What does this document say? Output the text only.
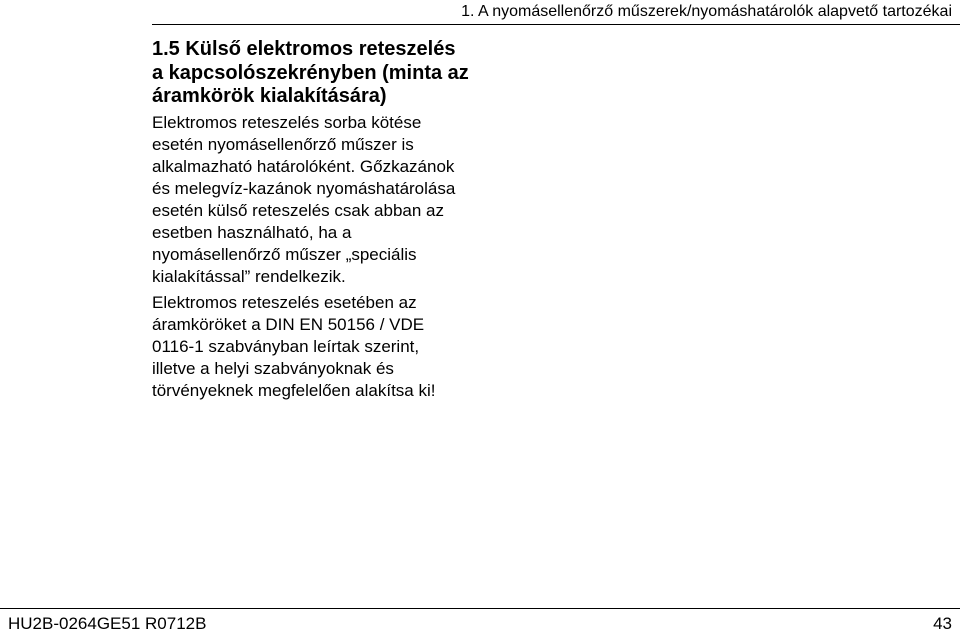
1. A nyomásellenőrző műszerek/nyomáshatárolók alapvető tartozékai
1.5 Külső elektromos reteszelés
a kapcsolószekrényben (minta az
áramkörök kialakítására)
Elektromos reteszelés sorba kötése
esetén nyomásellenőrző műszer is
alkalmazható határolóként. Gőzkazánok
és melegvíz-kazánok nyomáshatárolása
esetén külső reteszelés csak abban az
esetben használható, ha a
nyomásellenőrző műszer „speciális
kialakítással” rendelkezik.
Elektromos reteszelés esetében az
áramköröket a DIN EN 50156 / VDE
0116-1 szabványban leírtak szerint,
illetve a helyi szabványoknak és
törvényeknek megfelelően alakítsa ki!
HU2B-0264GE51 R0712B	43
